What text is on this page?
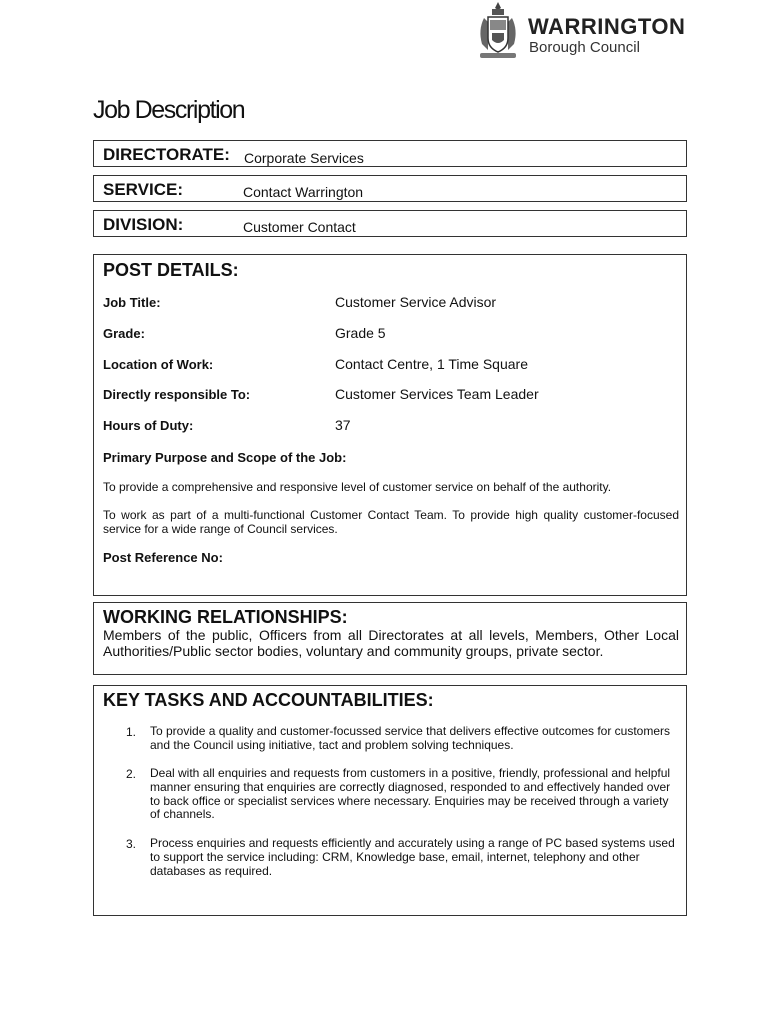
WARRINGTON
Borough Council
Job Description
DIRECTORATE: Corporate Services
SERVICE:	Contact Warrington
DIVISION:	Customer Contact
POST DETAILS:
Job Title:	Customer Service Advisor
Grade:	Grade 5
Location of Work:	Contact Centre, 1 Time Square
Directly responsible To:	Customer Services Team Leader
Hours of Duty:	37
Primary Purpose and Scope of the Job:
To provide a comprehensive and responsive level of customer service on behalf of the authority.
To work as part of a multi-functional Customer Contact Team. To provide high quality customer-focused service for a wide range of Council services.
Post Reference No:
WORKING RELATIONSHIPS:
Members of the public, Officers from all Directorates at all levels, Members, Other Local Authorities/Public sector bodies, voluntary and community groups, private sector.
KEY TASKS AND ACCOUNTABILITIES:
1. To provide a quality and customer-focussed service that delivers effective outcomes for customers and the Council using initiative, tact and problem solving techniques.
2. Deal with all enquiries and requests from customers in a positive, friendly, professional and helpful manner ensuring that enquiries are correctly diagnosed, responded to and effectively handed over to back office or specialist services where necessary. Enquiries may be received through a variety of channels.
3. Process enquiries and requests efficiently and accurately using a range of PC based systems used to support the service including: CRM, Knowledge base, email, internet, telephony and other databases as required.
